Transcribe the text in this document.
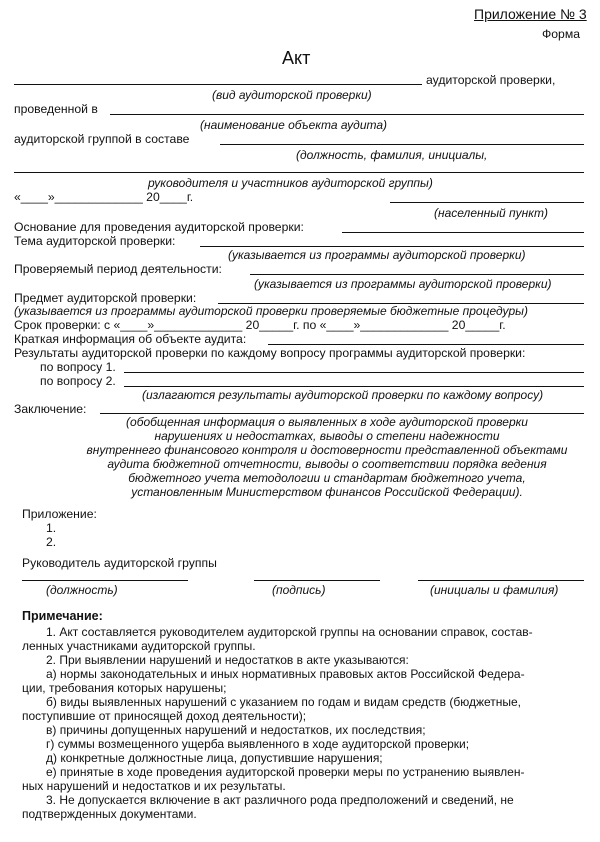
Приложение № 3
Форма
Акт
аудиторской проверки,
(вид аудиторской проверки)
проведенной в
(наименование объекта аудита)
аудиторской группой в составе
(должность, фамилия, инициалы,
руководителя и участников аудиторской группы)
«____»_____________ 20____г.
(населенный пункт)
Основание для проведения аудиторской проверки:
Тема аудиторской проверки:
(указывается из программы аудиторской проверки)
Проверяемый период деятельности:
(указывается из программы аудиторской проверки)
Предмет аудиторской проверки:
(указывается из программы аудиторской проверки проверяемые бюджетные процедуры)
Срок проверки: с «____»_____________ 20_____г. по «____»_____________ 20_____г.
Краткая информация об объекте аудита:
Результаты аудиторской проверки по каждому вопросу программы аудиторской проверки:
по вопросу 1.
по вопросу 2.
(излагаются результаты аудиторской проверки по каждому вопросу)
Заключение:
(обобщенная информация о выявленных в ходе аудиторской проверки
нарушениях и недостатках, выводы о степени надежности
внутреннего финансового контроля и достоверности представленной объектами
аудита бюджетной отчетности, выводы о соответствии порядка ведения
бюджетного учета методологии и стандартам бюджетного учета,
установленным Министерством финансов Российской Федерации).
Приложение:
1.
2.
Руководитель аудиторской группы
(должность)	(подпись)	(инициалы и фамилия)
Примечание:
1. Акт составляется руководителем аудиторской группы на основании справок, состав-
ленных участниками аудиторской группы.
2. При выявлении нарушений и недостатков в акте указываются:
а) нормы законодательных и иных нормативных правовых актов Российской Федера-
ции, требования которых нарушены;
б) виды выявленных нарушений с указанием по годам и видам средств (бюджетные,
поступившие от приносящей доход деятельности);
в) причины допущенных нарушений и недостатков, их последствия;
г) суммы возмещенного ущерба выявленного в ходе аудиторской проверки;
д) конкретные должностные лица, допустившие нарушения;
е) принятые в ходе проведения аудиторской проверки меры по устранению выявлен-
ных нарушений и недостатков и их результаты.
3. Не допускается включение в акт различного рода предположений и сведений, не
подтвержденных документами.
